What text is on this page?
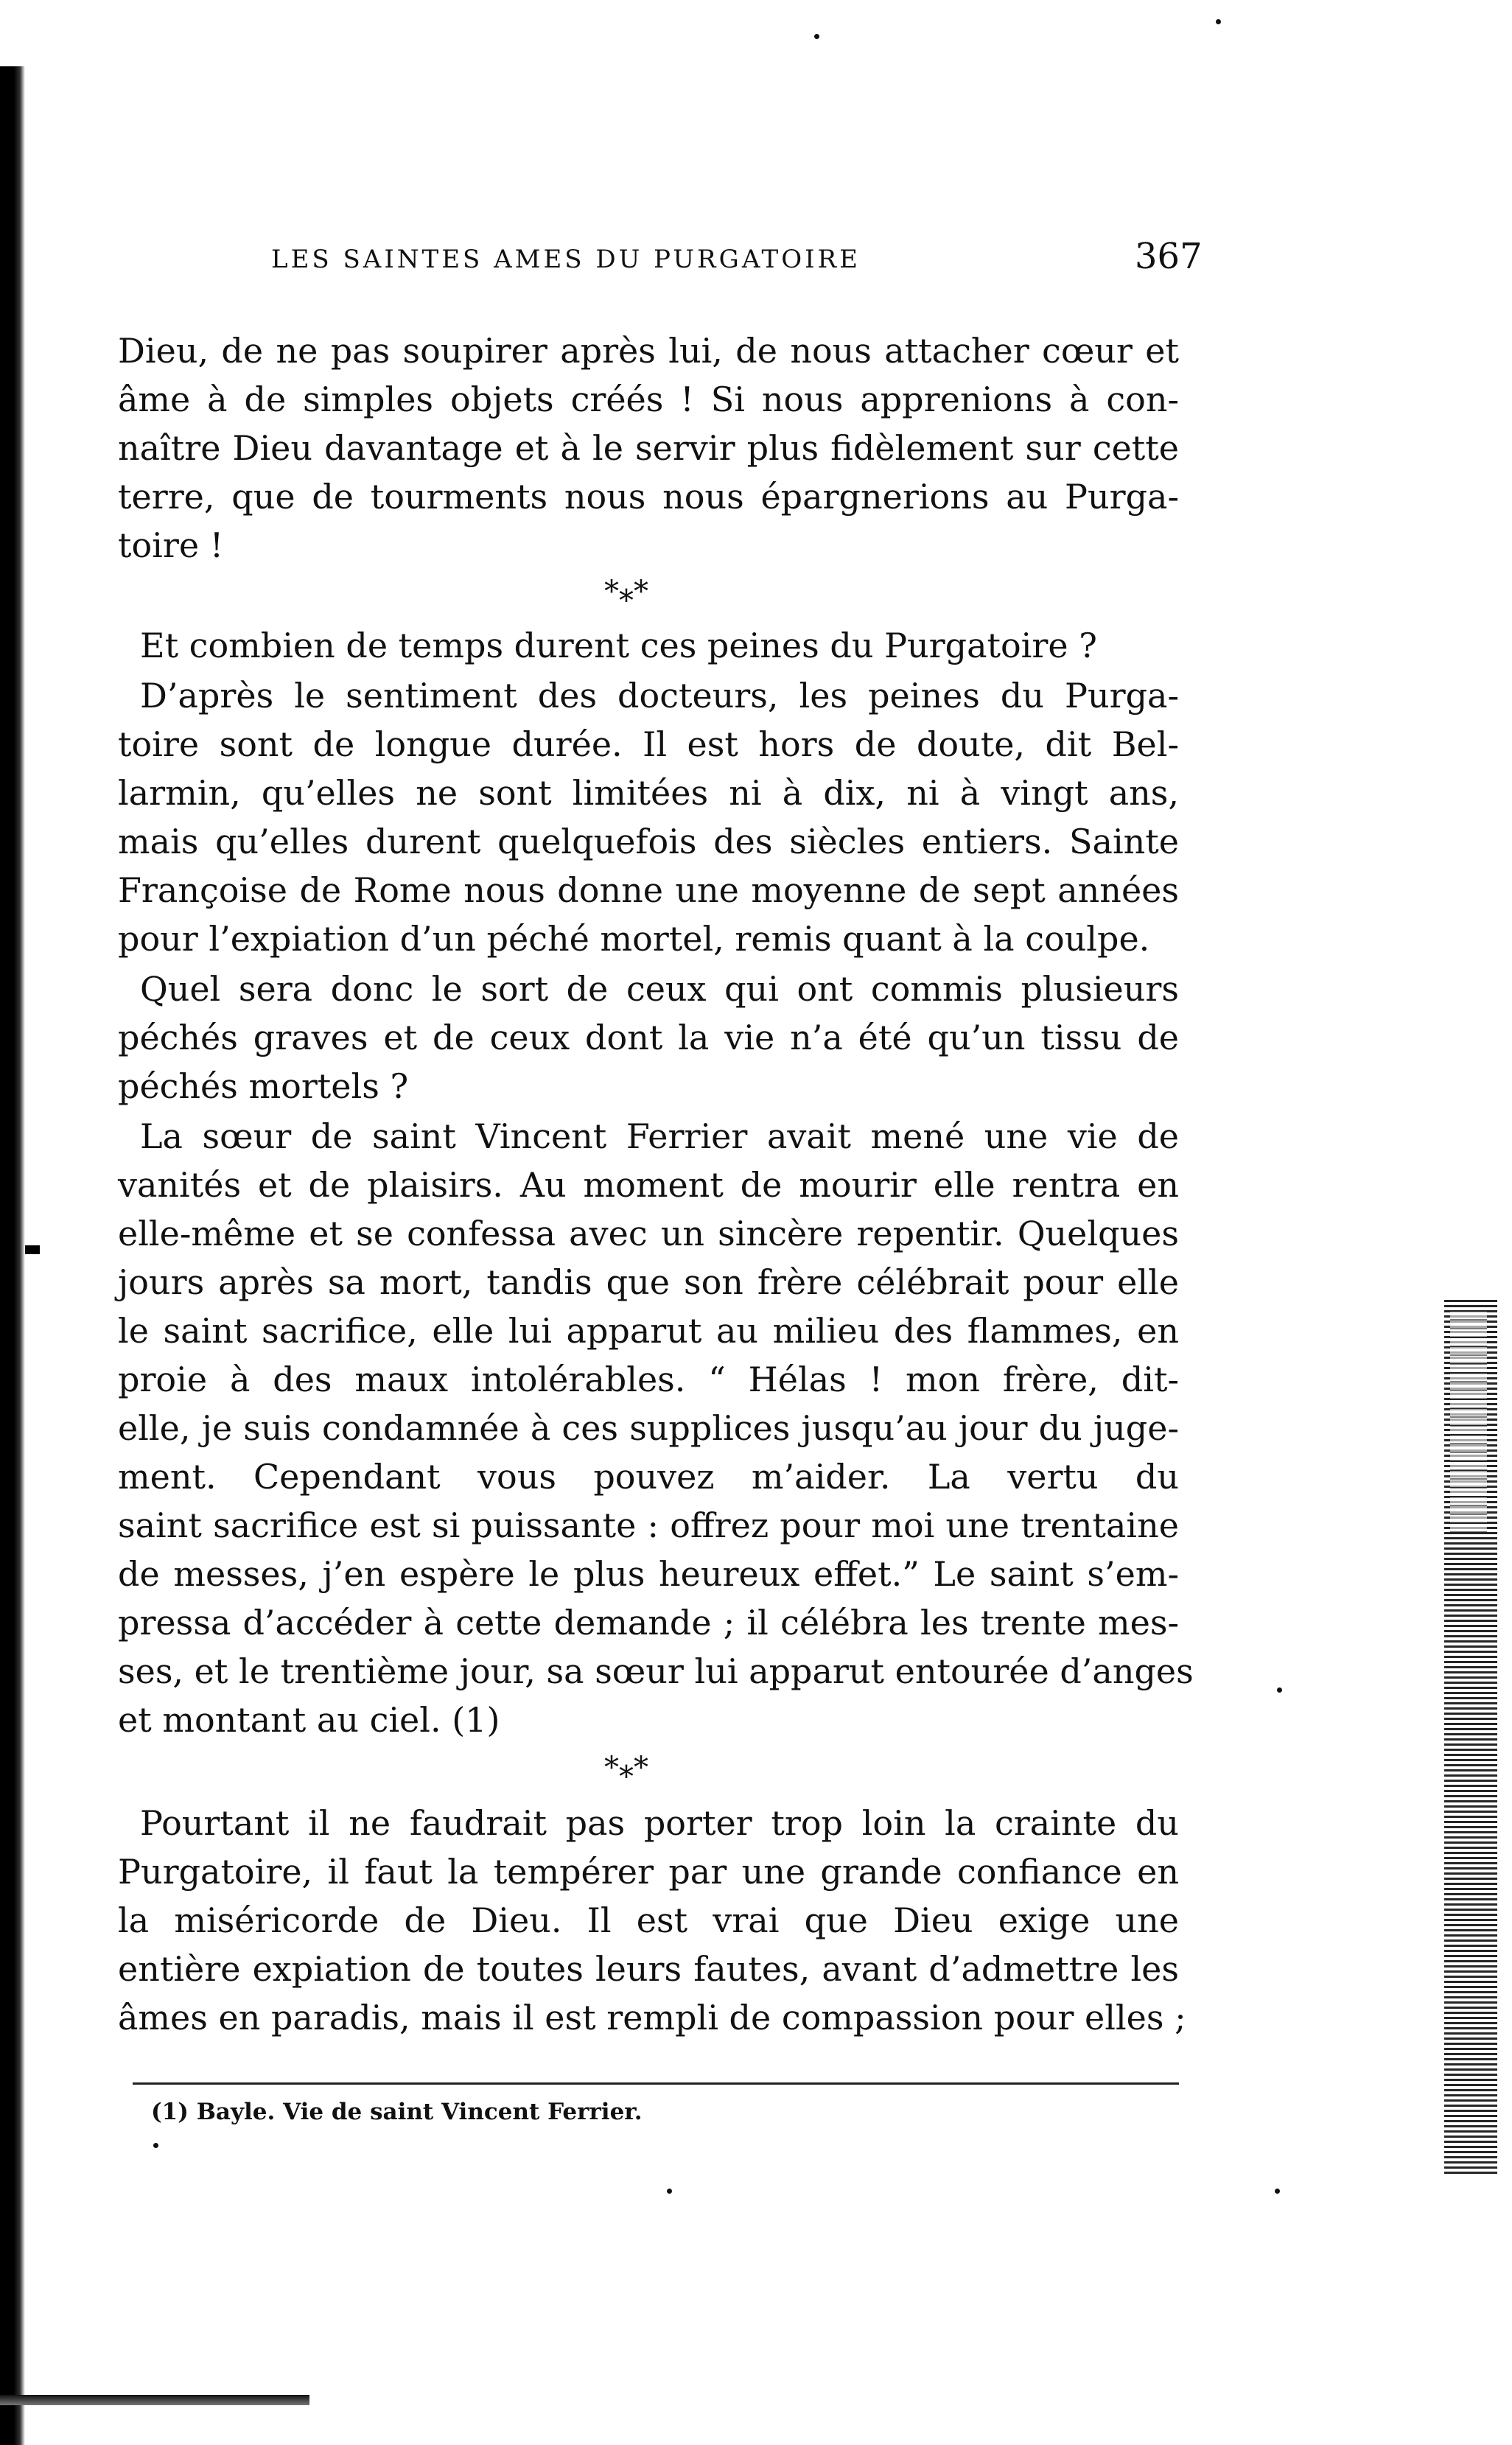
LES SAINTES AMES DU PURGATOIRE	367
Dieu, de ne pas soupirer après lui, de nous attacher cœur et
âme à de simples objets créés ! Si nous apprenions à con-
naître Dieu davantage et à le servir plus fidèlement sur cette
terre, que de tourments nous nous épargnerions au Purga-
toire !
*⁎*
Et combien de temps durent ces peines du Purgatoire ?
D’après le sentiment des docteurs, les peines du Purga-
toire sont de longue durée. Il est hors de doute, dit Bel-
larmin, qu’elles ne sont limitées ni à dix, ni à vingt ans,
mais qu’elles durent quelquefois des siècles entiers. Sainte
Françoise de Rome nous donne une moyenne de sept années
pour l’expiation d’un péché mortel, remis quant à la coulpe.
Quel sera donc le sort de ceux qui ont commis plusieurs
péchés graves et de ceux dont la vie n’a été qu’un tissu de
péchés mortels ?
La sœur de saint Vincent Ferrier avait mené une vie de
vanités et de plaisirs. Au moment de mourir elle rentra en
elle-même et se confessa avec un sincère repentir. Quelques
jours après sa mort, tandis que son frère célébrait pour elle
le saint sacrifice, elle lui apparut au milieu des flammes, en
proie à des maux intolérables. “ Hélas ! mon frère, dit-
elle, je suis condamnée à ces supplices jusqu’au jour du juge-
ment. Cependant vous pouvez m’aider. La vertu du
saint sacrifice est si puissante : offrez pour moi une trentaine
de messes, j’en espère le plus heureux effet.” Le saint s’em-
pressa d’accéder à cette demande ; il célébra les trente mes-
ses, et le trentième jour, sa sœur lui apparut entourée d’anges
et montant au ciel. (1)
*⁎*
Pourtant il ne faudrait pas porter trop loin la crainte du
Purgatoire, il faut la tempérer par une grande confiance en
la miséricorde de Dieu. Il est vrai que Dieu exige une
entière expiation de toutes leurs fautes, avant d’admettre les
âmes en paradis, mais il est rempli de compassion pour elles ;
(1) Bayle. Vie de saint Vincent Ferrier.
